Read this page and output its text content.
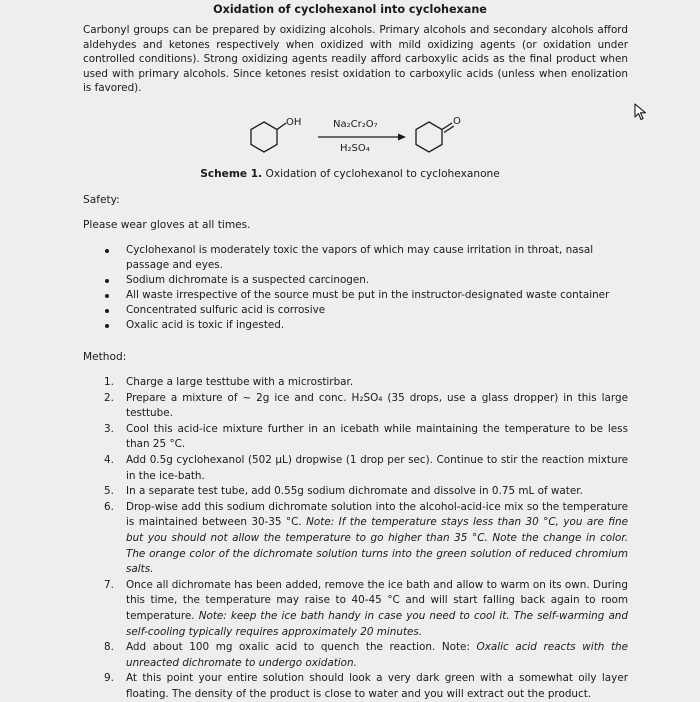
Oxidation of cyclohexanol into cyclohexane
Carbonyl groups can be prepared by oxidizing alcohols. Primary alcohols and secondary alcohols afford aldehydes and ketones respectively when oxidized with mild oxidizing agents (or oxidation under controlled conditions). Strong oxidizing agents readily afford carboxylic acids as the final product when used with primary alcohols. Since ketones resist oxidation to carboxylic acids (unless when enolization is favored).
OH	O
Na₂Cr₂O₇
H₂SO₄
Scheme 1. Oxidation of cyclohexanol to cyclohexanone
Safety:
Please wear gloves at all times.
Cyclohexanol is moderately toxic the vapors of which may cause irritation in throat, nasal passage and eyes.
Sodium dichromate is a suspected carcinogen.
All waste irrespective of the source must be put in the instructor-designated waste container
Concentrated sulfuric acid is corrosive
Oxalic acid is toxic if ingested.
Method:
1. Charge a large testtube with a microstirbar.
2. Prepare a mixture of ~ 2g ice and conc. H₂SO₄ (35 drops, use a glass dropper) in this large testtube.
3. Cool this acid-ice mixture further in an icebath while maintaining the temperature to be less than 25 °C.
4. Add 0.5g cyclohexanol (502 µL) dropwise (1 drop per sec). Continue to stir the reaction mixture in the ice-bath.
5. In a separate test tube, add 0.55g sodium dichromate and dissolve in 0.75 mL of water.
6. Drop-wise add this sodium dichromate solution into the alcohol-acid-ice mix so the temperature is maintained between 30-35 °C. Note: If the temperature stays less than 30 °C, you are fine but you should not allow the temperature to go higher than 35 °C. Note the change in color. The orange color of the dichromate solution turns into the green solution of reduced chromium salts.
7. Once all dichromate has been added, remove the ice bath and allow to warm on its own. During this time, the temperature may raise to 40-45 °C and will start falling back again to room temperature. Note: keep the ice bath handy in case you need to cool it. The self-warming and self-cooling typically requires approximately 20 minutes.
8. Add about 100 mg oxalic acid to quench the reaction. Note: Oxalic acid reacts with the unreacted dichromate to undergo oxidation.
9. At this point your entire solution should look a very dark green with a somewhat oily layer floating. The density of the product is close to water and you will extract out the product.
